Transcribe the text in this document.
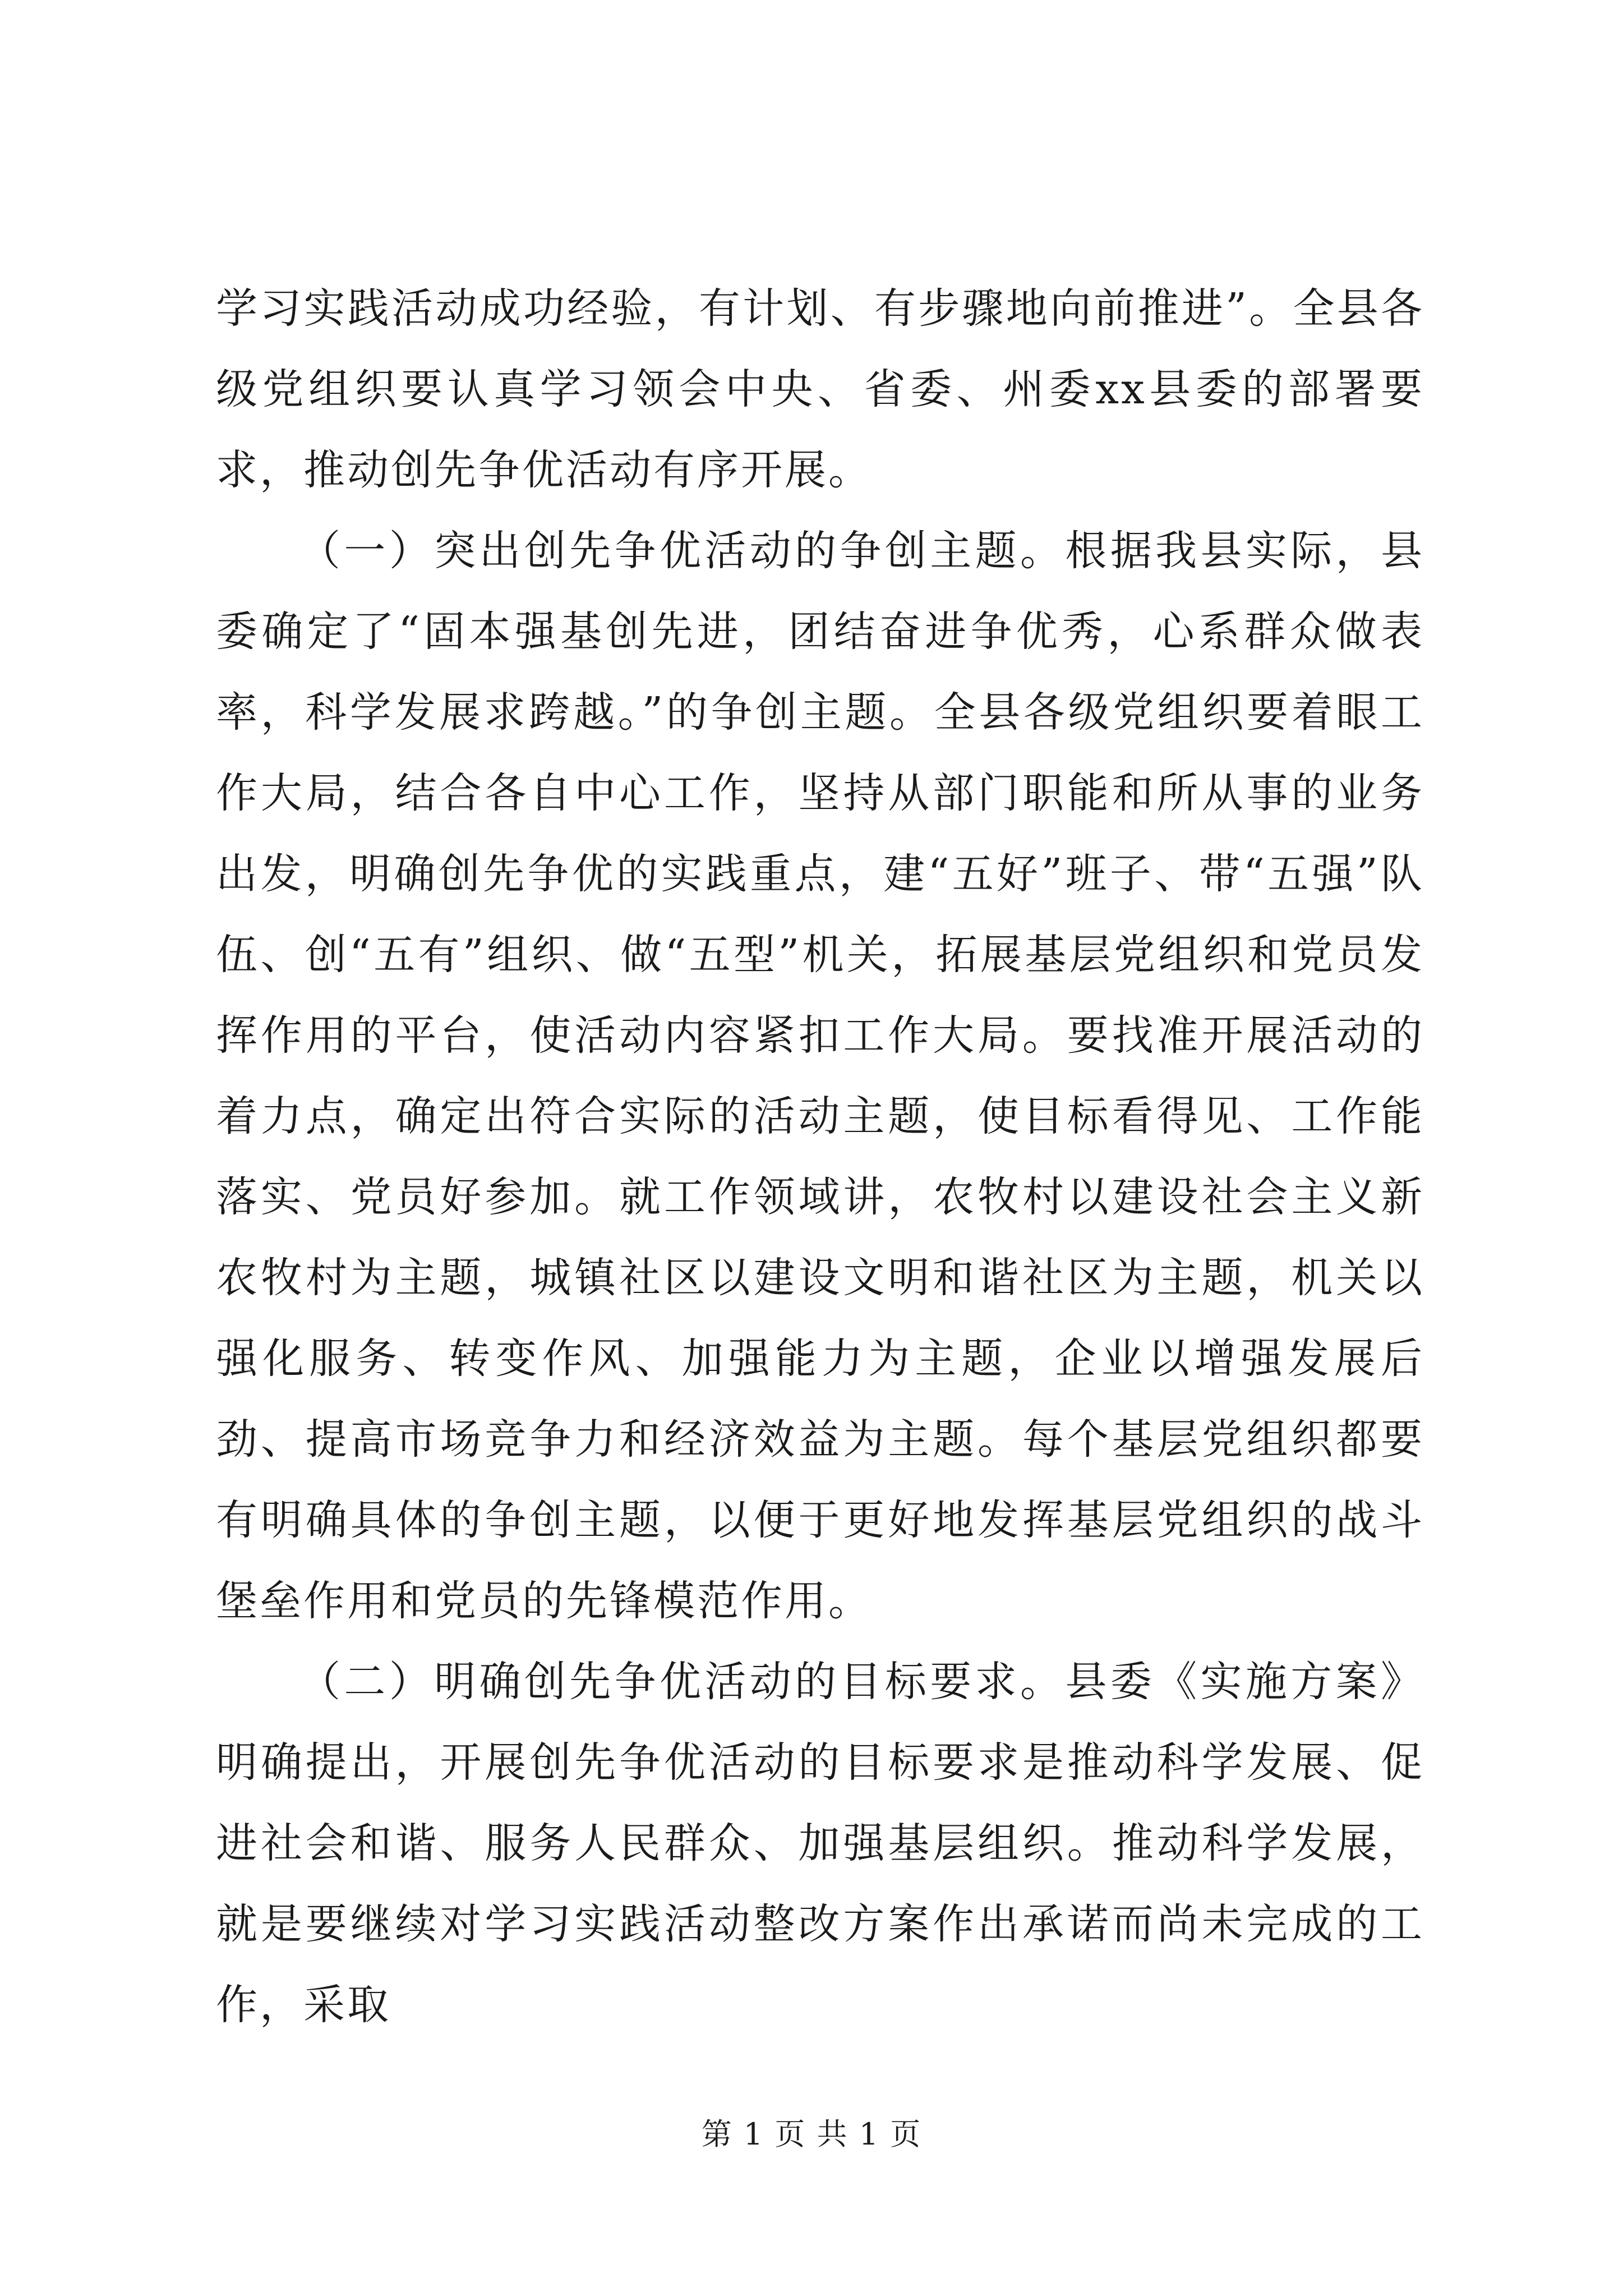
学习实践活动成功经验，有计划、有步骤地向前推进”。全县各级党组织要认真学习领会中央、省委、州委xx县委的部署要求，推动创先争优活动有序开展。

（一）突出创先争优活动的争创主题。根据我县实际，县委确定了“固本强基创先进，团结奋进争优秀，心系群众做表率，科学发展求跨越。”的争创主题。全县各级党组织要着眼工作大局，结合各自中心工作，坚持从部门职能和所从事的业务出发，明确创先争优的实践重点，建“五好”班子、带“五强”队伍、创“五有”组织、做“五型”机关，拓展基层党组织和党员发挥作用的平台，使活动内容紧扣工作大局。要找准开展活动的着力点，确定出符合实际的活动主题，使目标看得见、工作能落实、党员好参加。就工作领域讲，农牧村以建设社会主义新农牧村为主题，城镇社区以建设文明和谐社区为主题，机关以强化服务、转变作风、加强能力为主题，企业以增强发展后劲、提高市场竞争力和经济效益为主题。每个基层党组织都要有明确具体的争创主题，以便于更好地发挥基层党组织的战斗堡垒作用和党员的先锋模范作用。

（二）明确创先争优活动的目标要求。县委《实施方案》明确提出，开展创先争优活动的目标要求是推动科学发展、促进社会和谐、服务人民群众、加强基层组织。推动科学发展，就是要继续对学习实践活动整改方案作出承诺而尚未完成的工作，采取

第 1 页 共 1 页
